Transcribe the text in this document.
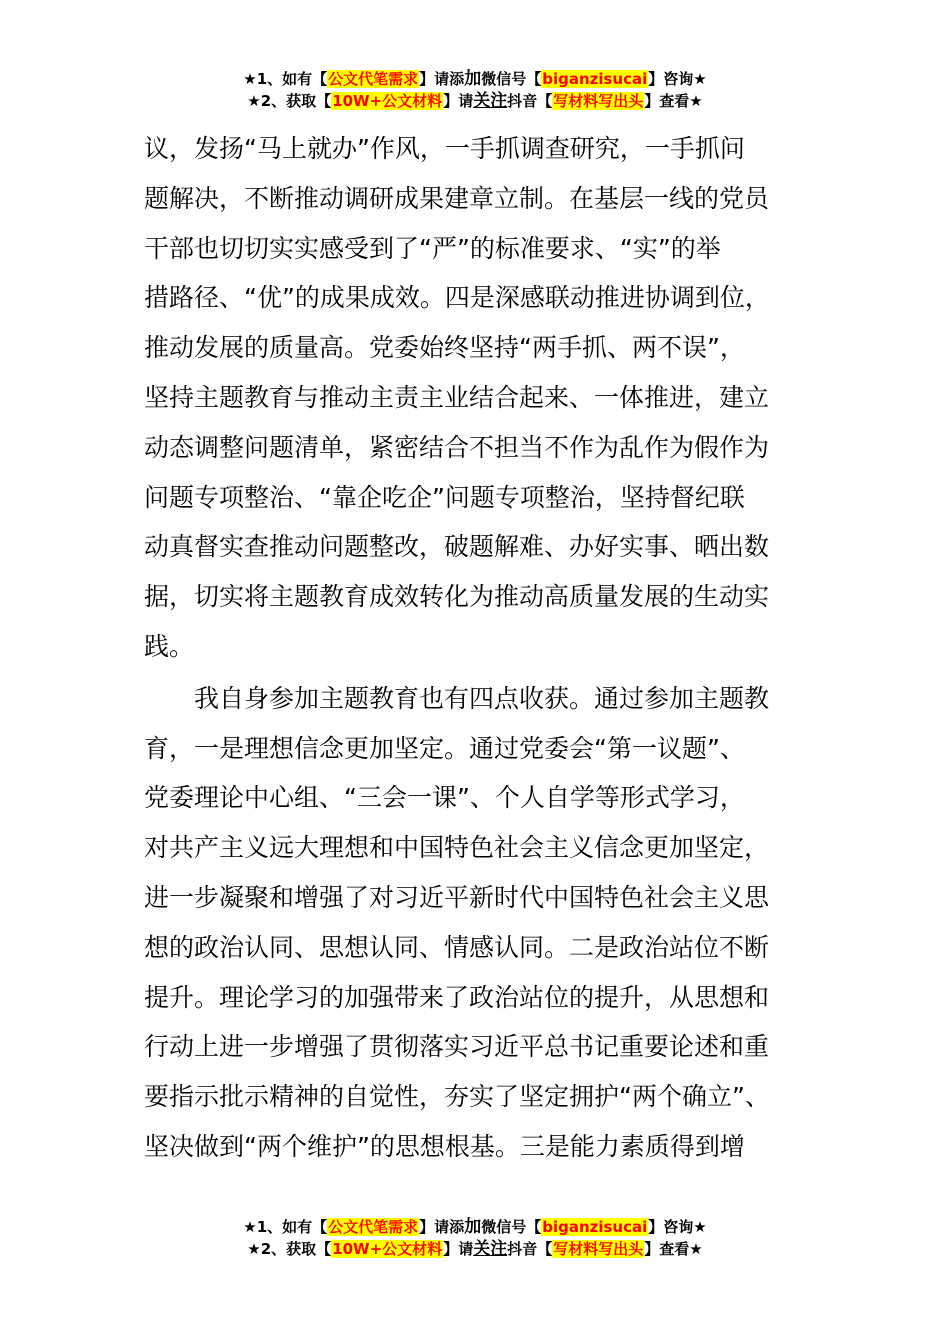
★1、如有【公文代笔需求】请添加微信号【biganzisucai】咨询★
★2、获取【10W+公文材料】请关注抖音【写材料写出头】查看★
议，发扬“马上就办”作风，一手抓调查研究，一手抓问
题解决，不断推动调研成果建章立制。在基层一线的党员
干部也切切实实感受到了“严”的标准要求、“实”的举
措路径、“优”的成果成效。四是深感联动推进协调到位，
推动发展的质量高。党委始终坚持“两手抓、两不误”，
坚持主题教育与推动主责主业结合起来、一体推进，建立
动态调整问题清单，紧密结合不担当不作为乱作为假作为
问题专项整治、“靠企吃企”问题专项整治，坚持督纪联
动真督实查推动问题整改，破题解难、办好实事、晒出数
据，切实将主题教育成效转化为推动高质量发展的生动实
践。
我自身参加主题教育也有四点收获。通过参加主题教
育，一是理想信念更加坚定。通过党委会“第一议题”、
党委理论中心组、“三会一课”、个人自学等形式学习，
对共产主义远大理想和中国特色社会主义信念更加坚定，
进一步凝聚和增强了对习近平新时代中国特色社会主义思
想的政治认同、思想认同、情感认同。二是政治站位不断
提升。理论学习的加强带来了政治站位的提升，从思想和
行动上进一步增强了贯彻落实习近平总书记重要论述和重
要指示批示精神的自觉性，夯实了坚定拥护“两个确立”、
坚决做到“两个维护”的思想根基。三是能力素质得到增
★1、如有【公文代笔需求】请添加微信号【biganzisucai】咨询★
★2、获取【10W+公文材料】请关注抖音【写材料写出头】查看★
